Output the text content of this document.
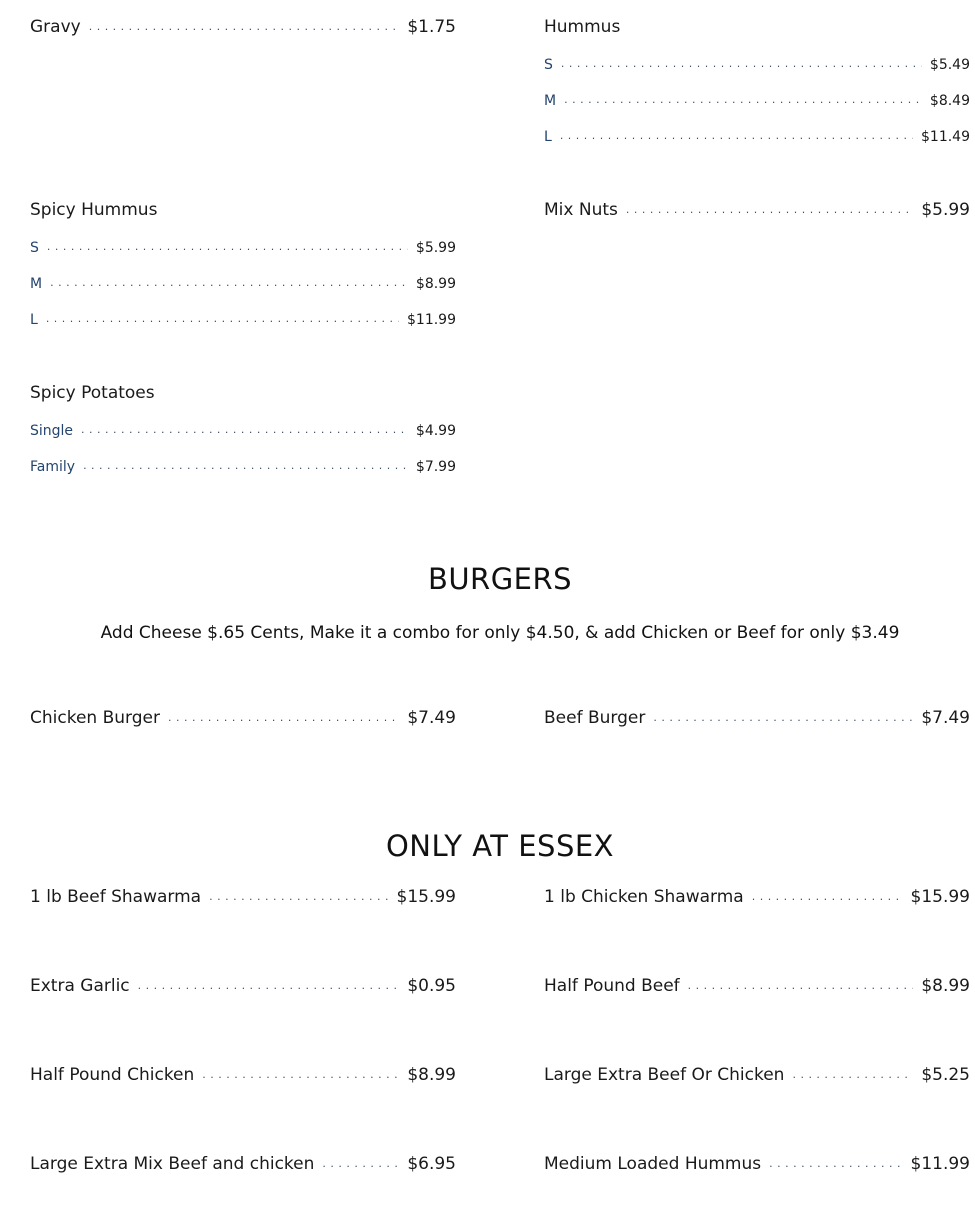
Gravy . . .	$1.75
Spicy Hummus
S . . .	$5.99
M . . .	$8.99
L . . .	$11.99
Spicy Potatoes
Single . . .	$4.99
Family . . .	$7.99
Hummus
S . . .	$5.49
M . . .	$8.49
L . . .	$11.49
Mix Nuts . . .	$5.99
BURGERS
Add Cheese $.65 Cents, Make it a combo for only $4.50, & add Chicken or Beef for only $3.49
Chicken Burger . . .	$7.49	Beef Burger . . .	$7.49
ONLY AT ESSEX
1 lb Beef Shawarma . . .	$15.99	1 lb Chicken Shawarma . . .	$15.99
Extra Garlic . . .	$0.95	Half Pound Beef . . .	$8.99
Half Pound Chicken . . .	$8.99	Large Extra Beef Or Chicken . . .	$5.25
Large Extra Mix Beef and chicken . . .	$6.95	Medium Loaded Hummus . . .	$11.99
